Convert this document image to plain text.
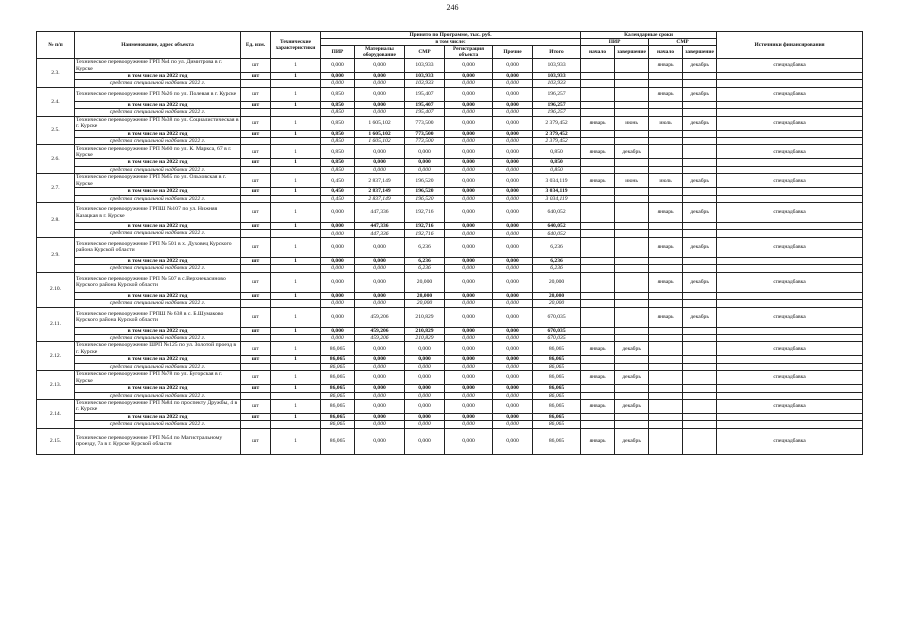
246
№ п/п	Наименование, адрес объекта	Ед. изм.	Технические характеристики	Принято по Программе, тыс. руб.						Календарные сроки				Источники финансирования
				в том числе:						ПИР		СМР		
				ПИР	Материалы оборудование	СМР	Регистрация объекта	Прочие	Итого	начало	завершение	начало	завершение	
2.3.	Техническое перевооружение ГРП №4 по ул. Димитрова в г. Курске	шт	1	0,000	0,000	103,933	0,000	0,000	103,933			январь	декабрь	спецнадбавка
	в том числе на 2022 год	шт	1	0,000	0,000	103,933	0,000	0,000	103,933					
	средства специальной надбавки 2022 г.			0,000	0,000	103,933	0,000	0,000	103,933					
2.4.	Техническое перевооружение ГРП №26 по ул. Полевая в г. Курске	шт	1	0,850	0,000	195,407	0,000	0,000	196,257			январь	декабрь	спецнадбавка
	в том числе на 2022 год	шт	1	0,850	0,000	195,407	0,000	0,000	196,257					
	средства специальной надбавки 2022 г.			0,850	0,000	195,407	0,000	0,000	196,257					
2.5.	Техническое перевооружение ГРП №38 по ул. Социалистическая в г. Курске	шт	1	0,850	1 605,102	773,500	0,000	0,000	2 379,452	январь	июнь	июль	декабрь	спецнадбавка
	в том числе на 2022 год	шт	1	0,850	1 605,102	773,500	0,000	0,000	2 379,452					
	средства специальной надбавки 2022 г.			0,850	1 605,102	773,500	0,000	0,000	2 379,452					
2.6.	Техническое перевооружение ГРП №60 по ул. К. Маркса, 67 в г. Курске	шт	1	0,850	0,000	0,000	0,000	0,000	0,850	январь	декабрь			спецнадбавка
	в том числе на 2022 год	шт	1	0,850	0,000	0,000	0,000	0,000	0,850					
	средства специальной надбавки 2022 г.			0,850	0,000	0,000	0,000	0,000	0,850					
2.7.	Техническое перевооружение ГРП №65 по ул. Ольховская в г. Курске	шт	1	0,450	2 837,149	196,520	0,000	0,000	3 034,119	январь	июнь	июль	декабрь	спецнадбавка
	в том числе на 2022 год	шт	1	0,450	2 837,149	196,520	0,000	0,000	3 034,119					
	средства специальной надбавки 2022 г.			0,450	2 837,149	196,520	0,000	0,000	3 034,119					
2.8.	Техническое перевооружение ГРПШ №107 по ул. Нижняя Казацкая в г. Курске	шт	1	0,000	447,336	192,716	0,000	0,000	640,052			январь	декабрь	спецнадбавка
	в том числе на 2022 год	шт	1	0,000	447,336	192,716	0,000	0,000	640,052					
	средства специальной надбавки 2022 г.			0,000	447,336	192,716	0,000	0,000	640,052					
2.9.	Техническое перевооружение ГРП № 501 в х. Духовец Курского района Курской области	шт	1	0,000	0,000	6,236	0,000	0,000	6,236			январь	декабрь	спецнадбавка
	в том числе на 2022 год	шт	1	0,000	0,000	6,236	0,000	0,000	6,236					
	средства специальной надбавки 2022 г.			0,000	0,000	6,236	0,000	0,000	6,236					
2.10.	Техническое перевооружение ГРП № 507 в с.Верхнекасиново Курского района Курской области	шт	1	0,000	0,000	20,000	0,000	0,000	20,000			январь	декабрь	спецнадбавка
	в том числе на 2022 год	шт	1	0,000	0,000	20,000	0,000	0,000	20,000					
	средства специальной надбавки 2022 г.			0,000	0,000	20,000	0,000	0,000	20,000					
2.11.	Техническое перевооружение ГРПШ № 638 в с. Б.Шумаково Курского района Курской области	шт	1	0,000	459,206	210,829	0,000	0,000	670,035			январь	декабрь	спецнадбавка
	в том числе на 2022 год	шт	1	0,000	459,206	210,829	0,000	0,000	670,035					
	средства специальной надбавки 2022 г.			0,000	459,206	210,829	0,000	0,000	670,035					
2.12.	Техническое перевооружение ШРП №125 по ул. Золотой проезд в г. Курске	шт	1	86,065	0,000	0,000	0,000	0,000	86,065	январь	декабрь			спецнадбавка
	в том числе на 2022 год	шт	1	86,065	0,000	0,000	0,000	0,000	86,065					
	средства специальной надбавки 2022 г.			86,065	0,000	0,000	0,000	0,000	86,065					
2.13.	Техническое перевооружение ГРП №78 по ул. Бугорская в г. Курске	шт	1	86,065	0,000	0,000	0,000	0,000	86,065	январь	декабрь			спецнадбавка
	в том числе на 2022 год	шт	1	86,065	0,000	0,000	0,000	0,000	86,065					
	средства специальной надбавки 2022 г.			86,065	0,000	0,000	0,000	0,000	86,065					
2.14.	Техническое перевооружение ГРП №84 по проспекту Дружбы, 4 в г. Курске	шт	1	86,065	0,000	0,000	0,000	0,000	86,065	январь	декабрь			спецнадбавка
	в том числе на 2022 год	шт	1	86,065	0,000	0,000	0,000	0,000	86,065					
	средства специальной надбавки 2022 г.			86,065	0,000	0,000	0,000	0,000	86,065					
2.15.	Техническое перевооружение ГРП №54 по Магистральному проезду, 7а в г. Курске Курской области	шт	1	86,065	0,000	0,000	0,000	0,000	86,065	январь	декабрь			спецнадбавка
